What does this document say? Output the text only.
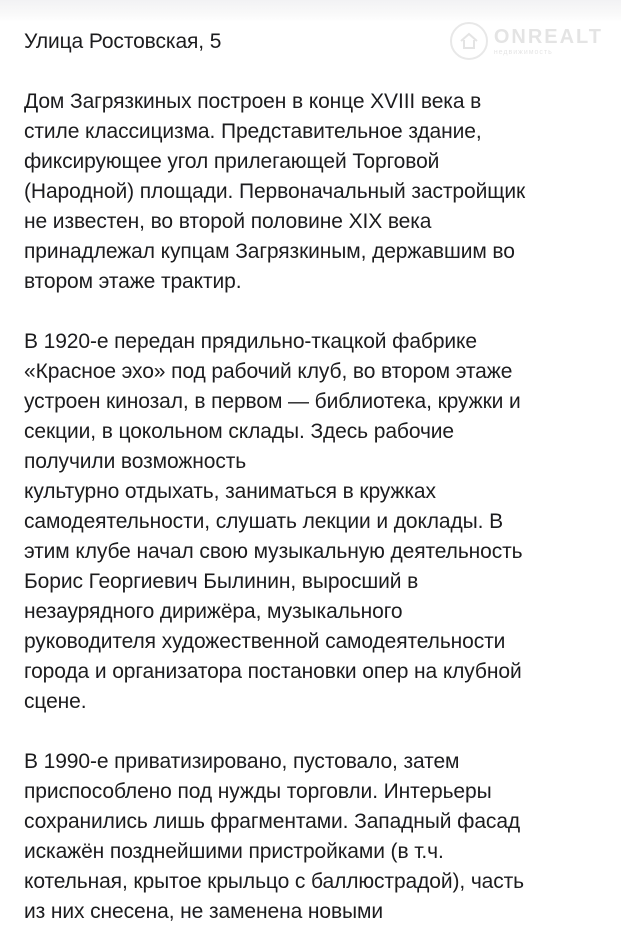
ONREALT
недвижимость
Улица Ростовская, 5
Дом Загрязкиных построен в конце XVIII века в
стиле классицизма. Представительное здание,
фиксирующее угол прилегающей Торговой
(Народной) площади. Первоначальный застройщик
не известен, во второй половине XIX века
принадлежал купцам Загрязкиным, державшим во
втором этаже трактир.
В 1920-е передан прядильно-ткацкой фабрике
«Красное эхо» под рабочий клуб, во втором этаже
устроен кинозал, в первом — библиотека, кружки и
секции, в цокольном склады. Здесь рабочие
получили возможность
культурно отдыхать, заниматься в кружках
самодеятельности, слушать лекции и доклады. В
этим клубе начал свою музыкальную деятельность
Борис Георгиевич Былинин, выросший в
незаурядного дирижёра, музыкального
руководителя художественной самодеятельности
города и организатора постановки опер на клубной
сцене.
В 1990-е приватизировано, пустовало, затем
приспособлено под нужды торговли. Интерьеры
сохранились лишь фрагментами. Западный фасад
искажён позднейшими пристройками (в т.ч.
котельная, крытое крыльцо с баллюстрадой), часть
из них снесена, не заменена новыми
